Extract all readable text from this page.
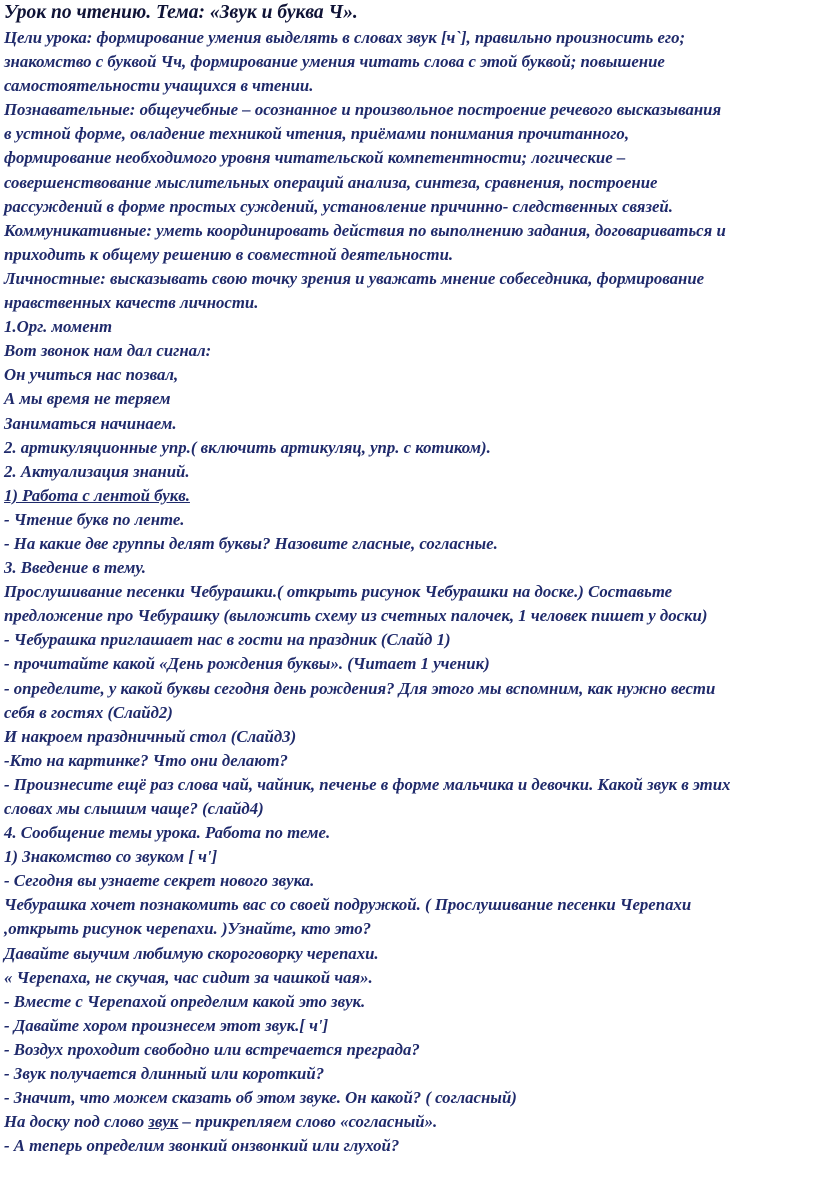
Урок по чтению. Тема: «Звук и буква Ч».
Цели урока: формирование умения выделять в словах звук [ч`], правильно произносить его;
знакомство с буквой Чч, формирование умения читать слова с этой буквой; повышение
самостоятельности учащихся в чтении.
Познавательные: общеучебные – осознанное и произвольное построение речевого высказывания
в устной форме, овладение техникой чтения, приёмами понимания прочитанного,
формирование необходимого уровня читательской компетентности; логические –
совершенствование мыслительных операций анализа, синтеза, сравнения, построение
рассуждений в форме простых суждений, установление причинно- следственных связей.
Коммуникативные: уметь координировать действия по выполнению задания, договариваться и
приходить к общему решению в совместной деятельности.
Личностные: высказывать свою точку зрения и уважать мнение собеседника, формирование
нравственных качеств личности.
1.Орг. момент
Вот звонок нам дал сигнал:
Он учиться нас позвал,
А мы время не теряем
Заниматься начинаем.
2. артикуляционные упр.( включить артикуляц, упр. с котиком).
2. Актуализация знаний.
1) Работа с лентой букв.
- Чтение букв по ленте.
- На какие две группы делят буквы? Назовите гласные, согласные.
3. Введение в тему.
Прослушивание песенки Чебурашки.( открыть рисунок Чебурашки на доске.) Составьте
предложение про Чебурашку (выложить схему из счетных палочек, 1 человек пишет у доски)
- Чебурашка приглашает нас в гости на праздник (Слайд 1)
- прочитайте какой «День рождения буквы». (Читает 1 ученик)
- определите, у какой буквы сегодня день рождения? Для этого мы вспомним, как нужно вести
себя в гостях (Слайд2)
И накроем праздничный стол (Слайд3)
-Кто на картинке? Что они делают?
- Произнесите ещё раз слова чай, чайник, печенье в форме мальчика и девочки. Какой звук в этих
словах мы слышим чаще? (слайд4)
4. Сообщение темы урока. Работа по теме.
1) Знакомство со звуком [ ч']
- Сегодня вы узнаете секрет нового звука.
Чебурашка хочет познакомить вас со своей подружкой. ( Прослушивание песенки Черепахи
,открыть рисунок черепахи. )Узнайте, кто это?
Давайте выучим любимую скороговорку черепахи.
« Черепаха, не скучая, час сидит за чашкой чая».
- Вместе с Черепахой определим какой это звук.
- Давайте хором произнесем этот звук.[ ч']
- Воздух проходит свободно или встречается преграда?
- Звук получается длинный или короткий?
- Значит, что можем сказать об этом звуке. Он какой? ( согласный)
На доску под слово звук – прикрепляем слово «согласный».
- А теперь определим звонкий онзвонкий или глухой?
